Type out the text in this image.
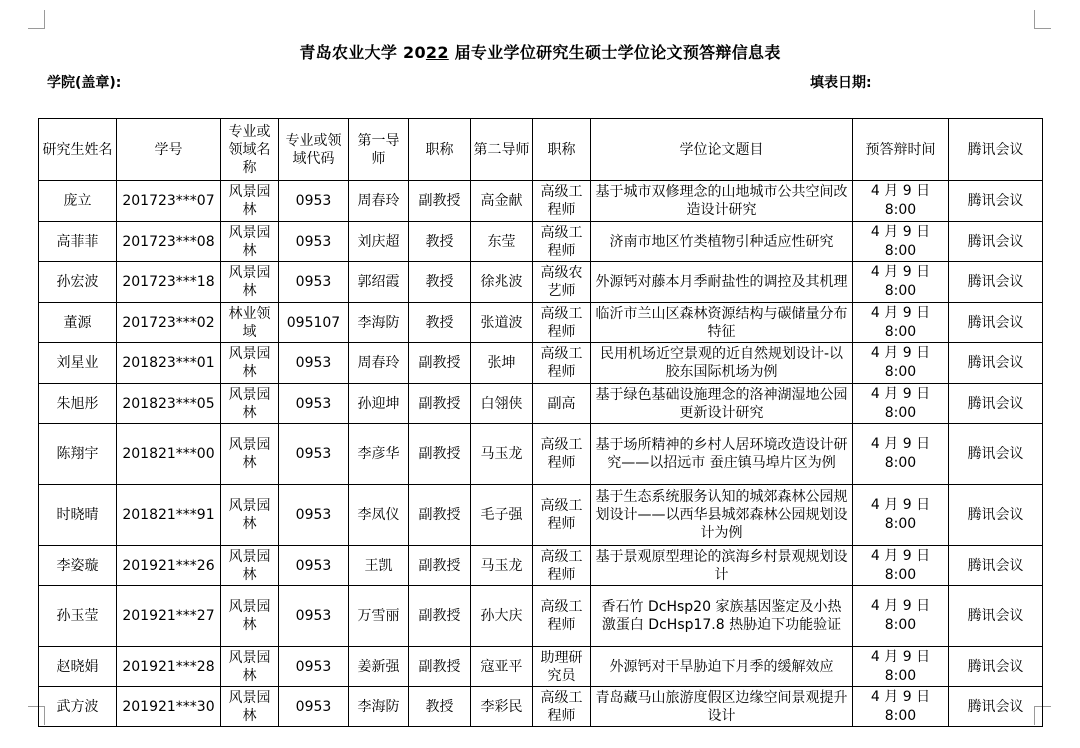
青岛农业大学 2022 届专业学位研究生硕士学位论文预答辩信息表
学院(盖章):	填表日期:
研究生姓名	学号	专业或领域名称	专业或领域代码	第一导师	职称	第二导师	职称	学位论文题目	预答辩时间	腾讯会议
庞立	201723***07	风景园林	0953	周春玲	副教授	高金献	高级工程师	基于城市双修理念的山地城市公共空间改造设计研究	4 月 9 日 8:00	腾讯会议
高菲菲	201723***08	风景园林	0953	刘庆超	教授	东莹	高级工程师	济南市地区竹类植物引种适应性研究	4 月 9 日 8:00	腾讯会议
孙宏波	201723***18	风景园林	0953	郭绍霞	教授	徐兆波	高级农艺师	外源钙对藤本月季耐盐性的调控及其机理	4 月 9 日 8:00	腾讯会议
董源	201723***02	林业领域	095107	李海防	教授	张道波	高级工程师	临沂市兰山区森林资源结构与碳储量分布特征	4 月 9 日 8:00	腾讯会议
刘星业	201823***01	风景园林	0953	周春玲	副教授	张坤	高级工程师	民用机场近空景观的近自然规划设计-以胶东国际机场为例	4 月 9 日 8:00	腾讯会议
朱旭彤	201823***05	风景园林	0953	孙迎坤	副教授	白翎侠	副高	基于绿色基础设施理念的洛神湖湿地公园更新设计研究	4 月 9 日 8:00	腾讯会议
陈翔宇	201821***00	风景园林	0953	李彦华	副教授	马玉龙	高级工程师	基于场所精神的乡村人居环境改造设计研究——以招远市 蚕庄镇马埠片区为例	4 月 9 日 8:00	腾讯会议
时晓晴	201821***91	风景园林	0953	李凤仪	副教授	毛子强	高级工程师	基于生态系统服务认知的城郊森林公园规划设计——以西华县城郊森林公园规划设计为例	4 月 9 日 8:00	腾讯会议
李姿璇	201921***26	风景园林	0953	王凯	副教授	马玉龙	高级工程师	基于景观原型理论的滨海乡村景观规划设计	4 月 9 日 8:00	腾讯会议
孙玉莹	201921***27	风景园林	0953	万雪丽	副教授	孙大庆	高级工程师	香石竹 DcHsp20 家族基因鉴定及小热激蛋白 DcHsp17.8 热胁迫下功能验证	4 月 9 日 8:00	腾讯会议
赵晓娟	201921***28	风景园林	0953	姜新强	副教授	寇亚平	助理研究员	外源钙对干旱胁迫下月季的缓解效应	4 月 9 日 8:00	腾讯会议
武方波	201921***30	风景园林	0953	李海防	教授	李彩民	高级工程师	青岛藏马山旅游度假区边缘空间景观提升设计	4 月 9 日 8:00	腾讯会议
